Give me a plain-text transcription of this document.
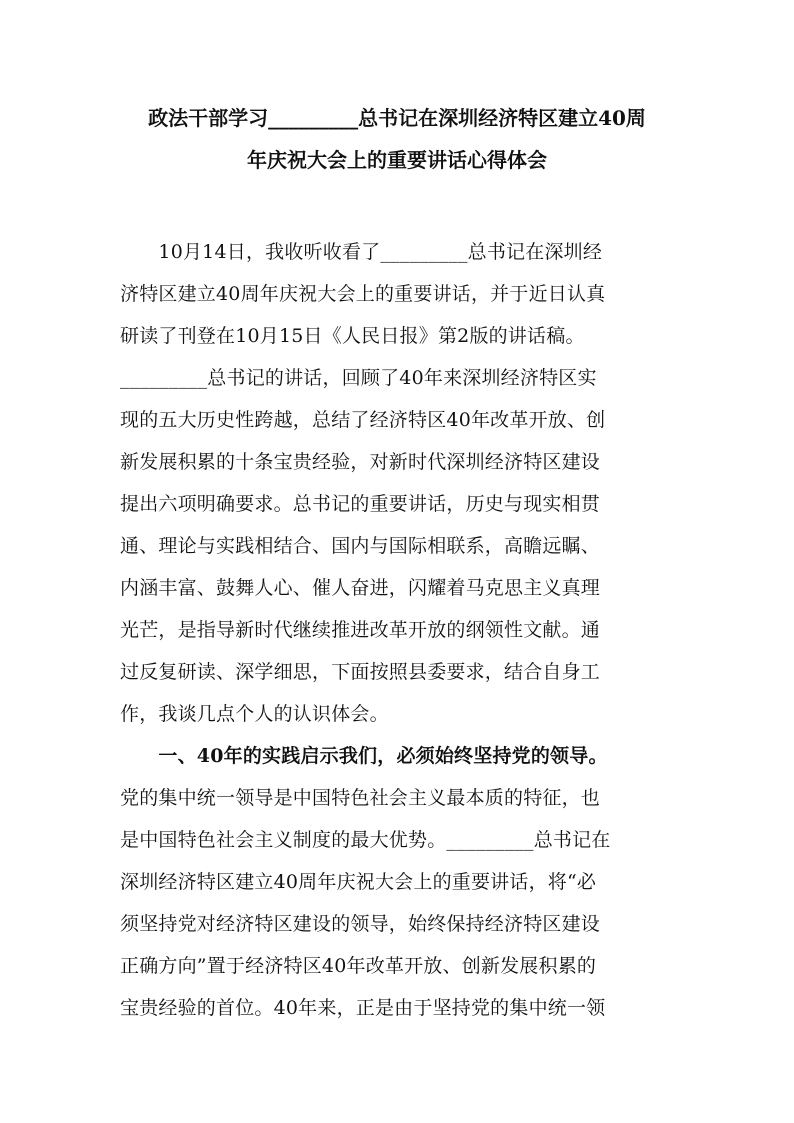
政法干部学习_________总书记在深圳经济特区建立40周
年庆祝大会上的重要讲话心得体会
　　10月14日，我收听收看了_________总书记在深圳经
济特区建立40周年庆祝大会上的重要讲话，并于近日认真
研读了刊登在10月15日《人民日报》第2版的讲话稿。
_________总书记的讲话，回顾了40年来深圳经济特区实
现的五大历史性跨越，总结了经济特区40年改革开放、创
新发展积累的十条宝贵经验，对新时代深圳经济特区建设
提出六项明确要求。总书记的重要讲话，历史与现实相贯
通、理论与实践相结合、国内与国际相联系，高瞻远瞩、
内涵丰富、鼓舞人心、催人奋进，闪耀着马克思主义真理
光芒，是指导新时代继续推进改革开放的纲领性文献。通
过反复研读、深学细思，下面按照县委要求，结合自身工
作，我谈几点个人的认识体会。
　　一、40年的实践启示我们，必须始终坚持党的领导。
党的集中统一领导是中国特色社会主义最本质的特征，也
是中国特色社会主义制度的最大优势。_________总书记在
深圳经济特区建立40周年庆祝大会上的重要讲话，将“必
须坚持党对经济特区建设的领导，始终保持经济特区建设
正确方向”置于经济特区40年改革开放、创新发展积累的
宝贵经验的首位。40年来，正是由于坚持党的集中统一领
